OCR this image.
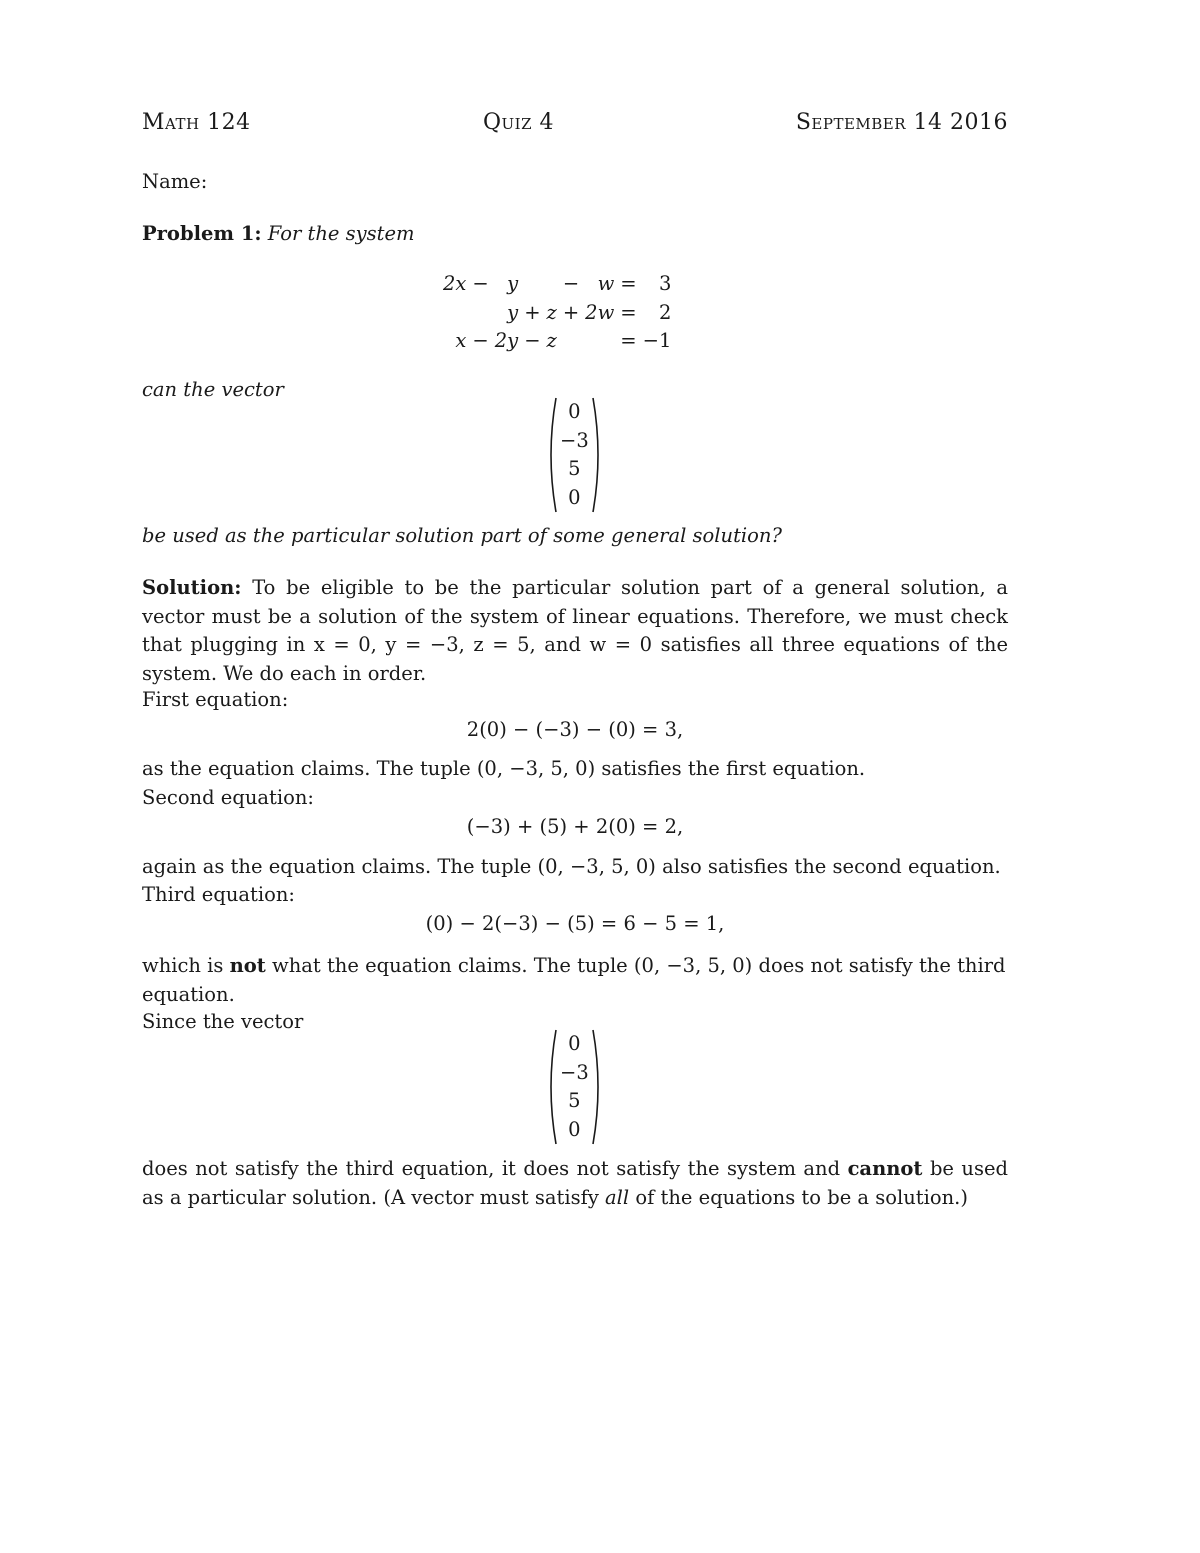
Math 124	Quiz 4	September 14 2016
Name:
Problem 1: For the system
2x	−	y			−	w	=	3
		y	+	z	+	2w	=	2
x	−	2y	−	z			=	−1
can the vector
0
−3
5
0
be used as the particular solution part of some general solution?
Solution: To be eligible to be the particular solution part of a general solution, a vector must be a solution of the system of linear equations. Therefore, we must check that plugging in x = 0, y = −3, z = 5, and w = 0 satisfies all three equations of the system. We do each in order.
First equation:
2(0) − (−3) − (0) = 3,
as the equation claims. The tuple (0, −3, 5, 0) satisfies the first equation.
Second equation:
(−3) + (5) + 2(0) = 2,
again as the equation claims. The tuple (0, −3, 5, 0) also satisfies the second equation.
Third equation:
(0) − 2(−3) − (5) = 6 − 5 = 1,
which is not what the equation claims. The tuple (0, −3, 5, 0) does not satisfy the third equation.
Since the vector
0
−3
5
0
does not satisfy the third equation, it does not satisfy the system and cannot be used as a particular solution. (A vector must satisfy all of the equations to be a solution.)
